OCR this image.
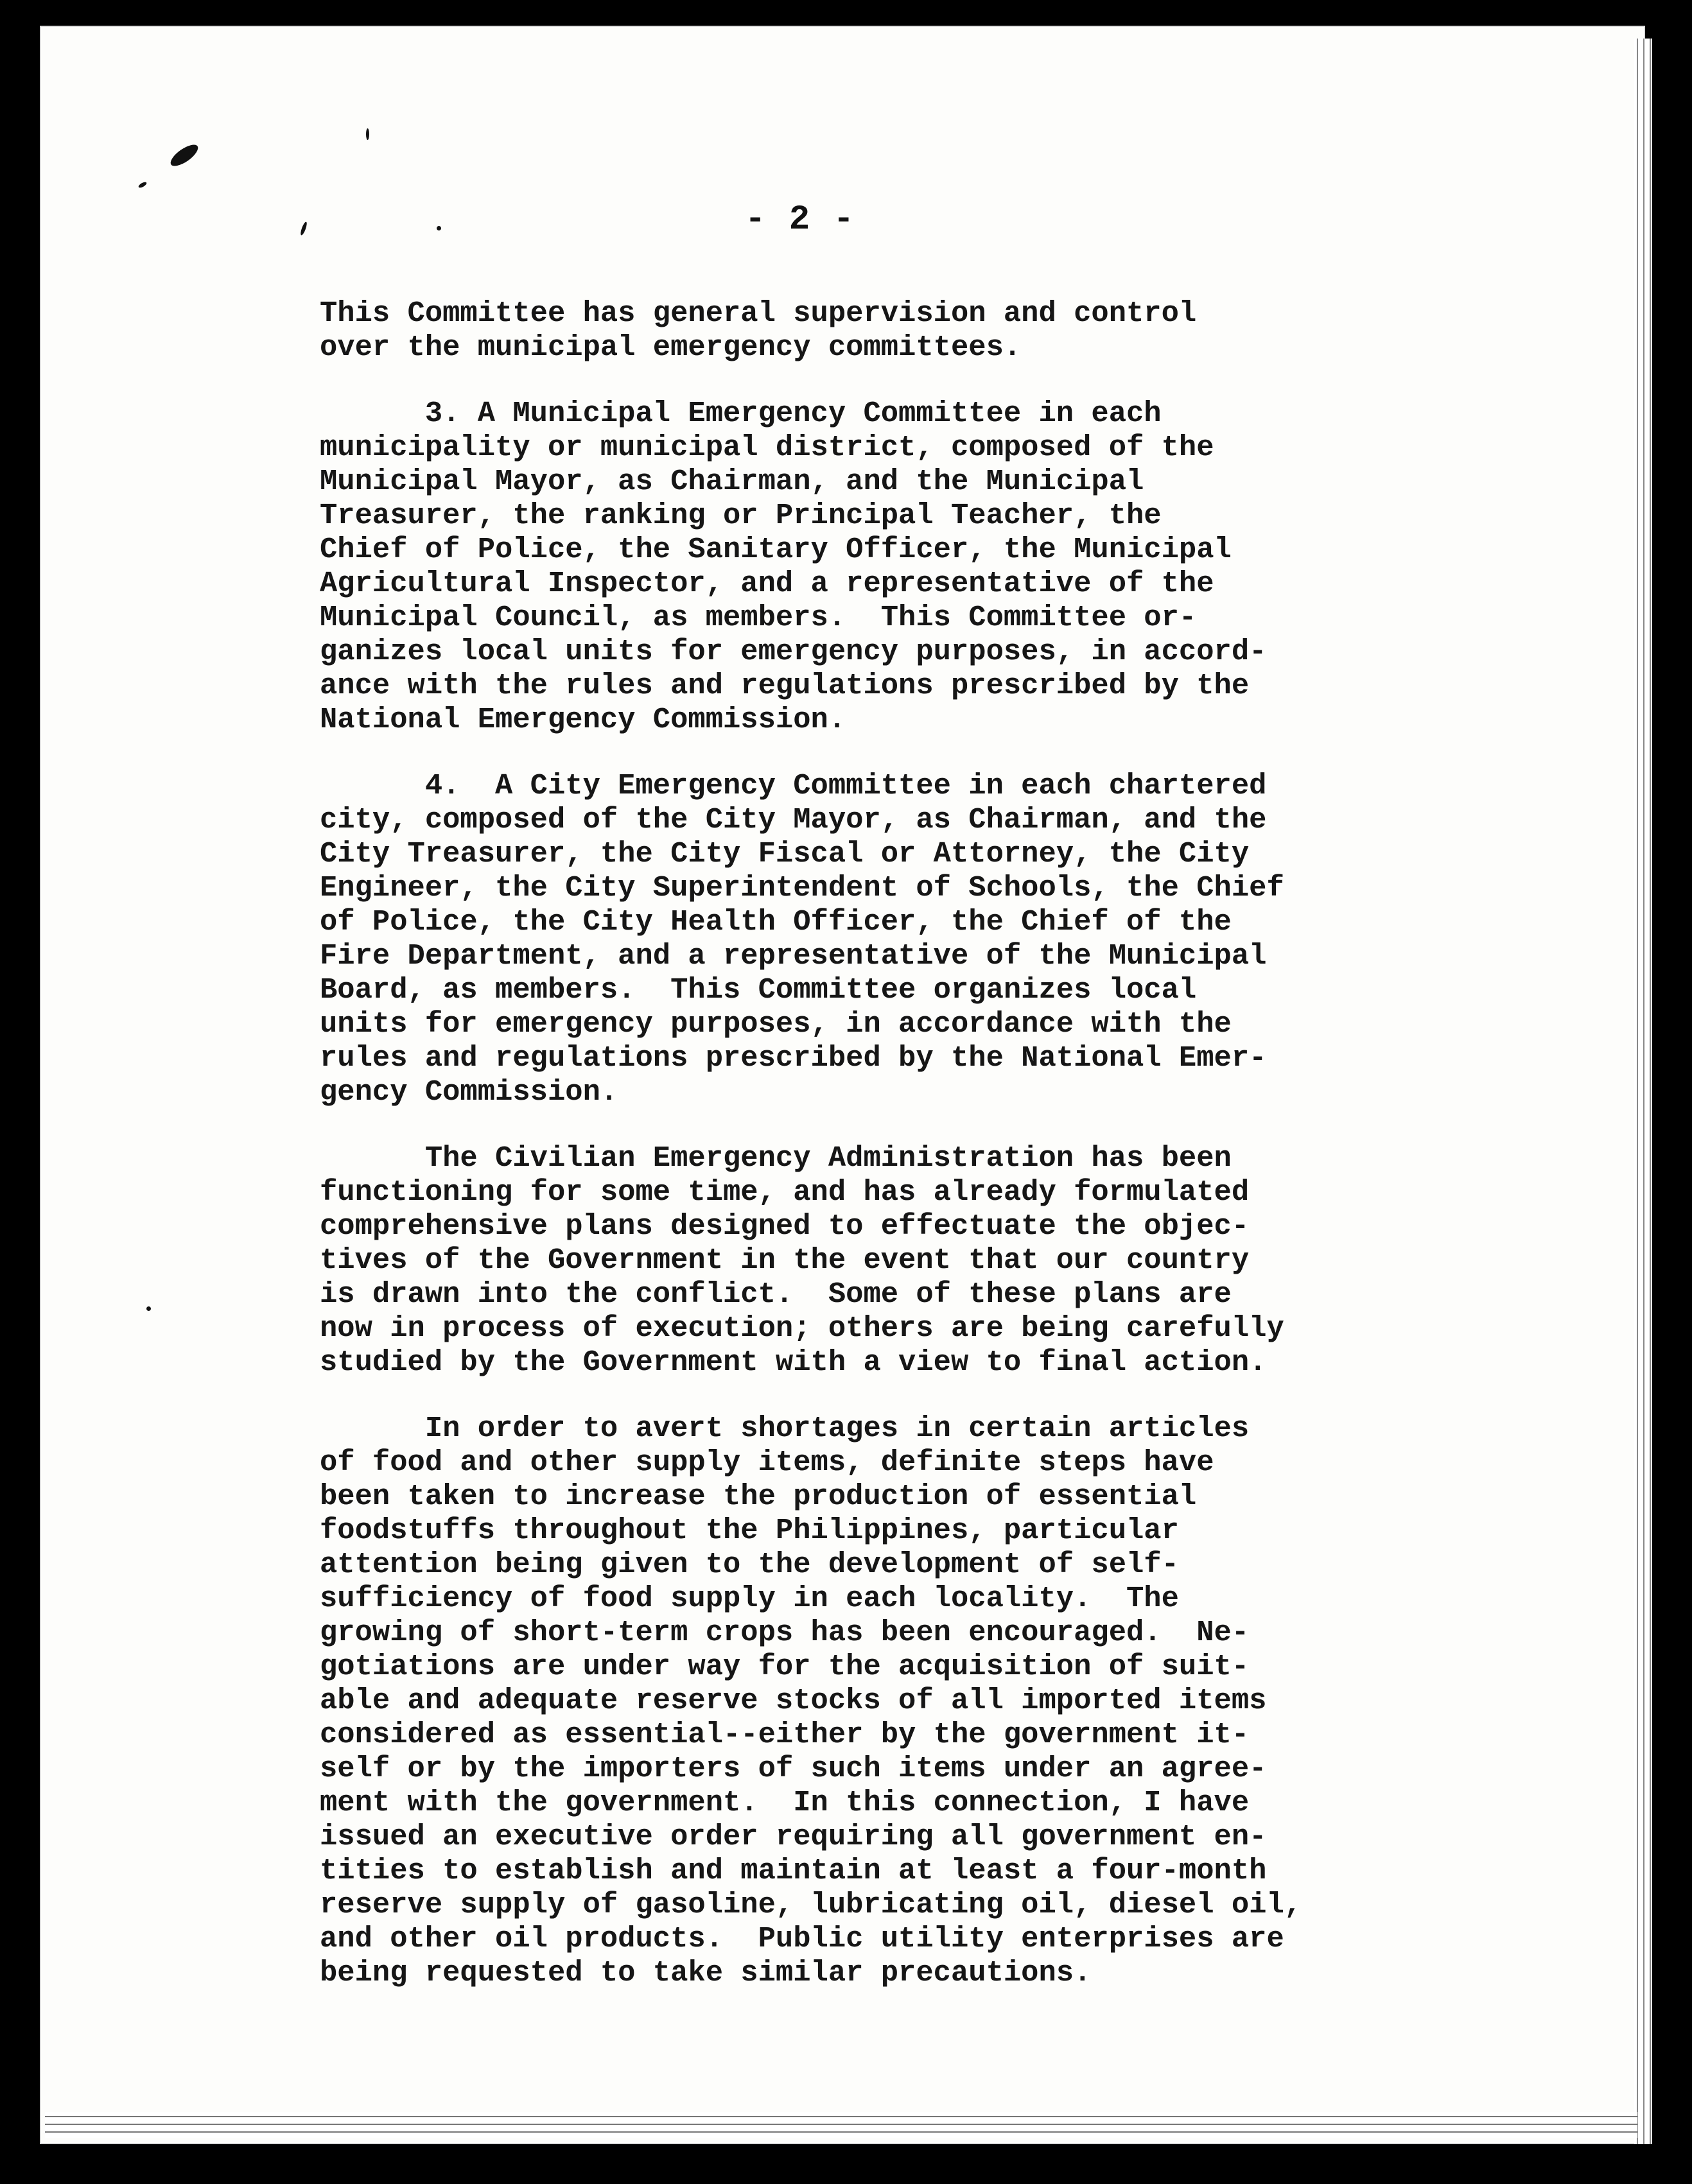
- 2 -

This Committee has general supervision and control
over the municipal emergency committees.

3. A Municipal Emergency Committee in each
municipality or municipal district, composed of the
Municipal Mayor, as Chairman, and the Municipal
Treasurer, the ranking or Principal Teacher, the
Chief of Police, the Sanitary Officer, the Municipal
Agricultural Inspector, and a representative of the
Municipal Council, as members.  This Committee or-
ganizes local units for emergency purposes, in accord-
ance with the rules and regulations prescribed by the
National Emergency Commission.

4.  A City Emergency Committee in each chartered
city, composed of the City Mayor, as Chairman, and the
City Treasurer, the City Fiscal or Attorney, the City
Engineer, the City Superintendent of Schools, the Chief
of Police, the City Health Officer, the Chief of the
Fire Department, and a representative of the Municipal
Board, as members.  This Committee organizes local
units for emergency purposes, in accordance with the
rules and regulations prescribed by the National Emer-
gency Commission.

The Civilian Emergency Administration has been
functioning for some time, and has already formulated
comprehensive plans designed to effectuate the objec-
tives of the Government in the event that our country
is drawn into the conflict.  Some of these plans are
now in process of execution; others are being carefully
studied by the Government with a view to final action.

In order to avert shortages in certain articles
of food and other supply items, definite steps have
been taken to increase the production of essential
foodstuffs throughout the Philippines, particular
attention being given to the development of self-
sufficiency of food supply in each locality.  The
growing of short-term crops has been encouraged.  Ne-
gotiations are under way for the acquisition of suit-
able and adequate reserve stocks of all imported items
considered as essential--either by the government it-
self or by the importers of such items under an agree-
ment with the government.  In this connection, I have
issued an executive order requiring all government en-
tities to establish and maintain at least a four-month
reserve supply of gasoline, lubricating oil, diesel oil,
and other oil products.  Public utility enterprises are
being requested to take similar precautions.
